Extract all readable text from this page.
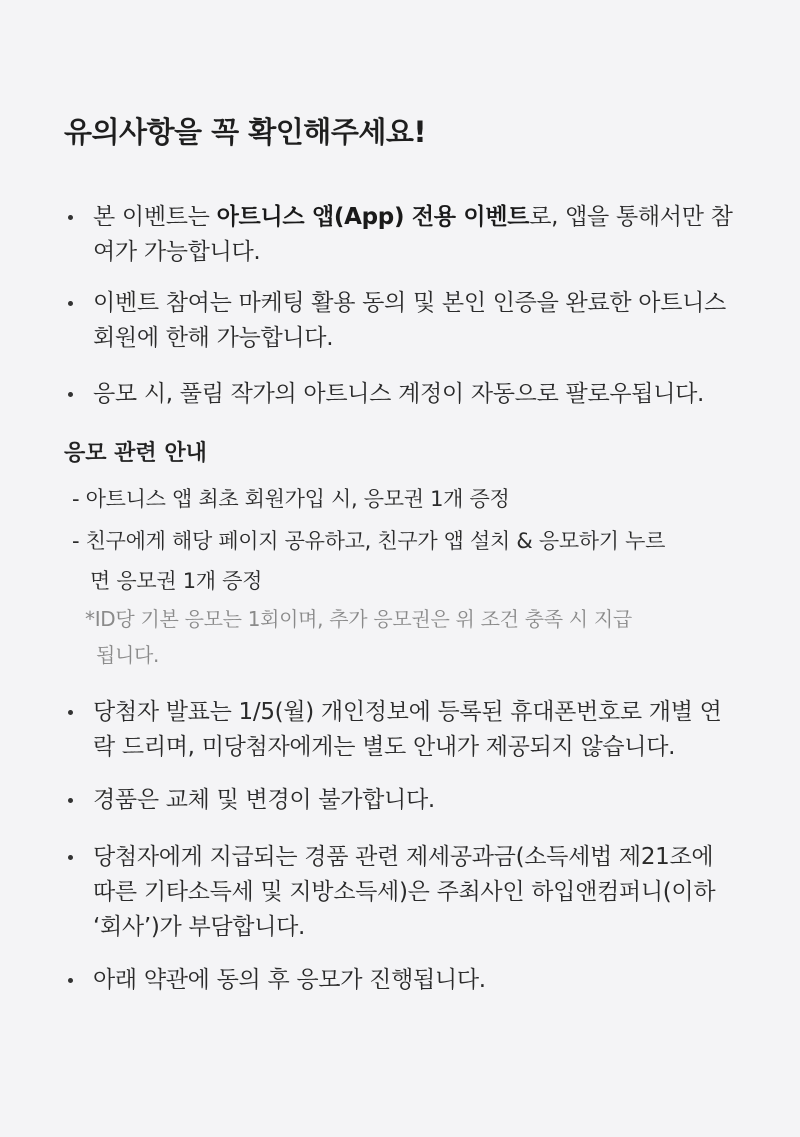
유의사항을 꼭 확인해주세요!
본 이벤트는 아트니스 앱(App) 전용 이벤트로, 앱을 통해서만 참
여가 가능합니다.
이벤트 참여는 마케팅 활용 동의 및 본인 인증을 완료한 아트니스
회원에 한해 가능합니다.
응모 시, 풀림 작가의 아트니스 계정이 자동으로 팔로우됩니다.
응모 관련 안내
- 아트니스 앱 최초 회원가입 시, 응모권 1개 증정
- 친구에게 해당 페이지 공유하고, 친구가 앱 설치 & 응모하기 누르
면 응모권 1개 증정
*ID당 기본 응모는 1회이며, 추가 응모권은 위 조건 충족 시 지급
됩니다.
당첨자 발표는 1/5(월) 개인정보에 등록된 휴대폰번호로 개별 연
락 드리며, 미당첨자에게는 별도 안내가 제공되지 않습니다.
경품은 교체 및 변경이 불가합니다.
당첨자에게 지급되는 경품 관련 제세공과금(소득세법 제21조에
따른 기타소득세 및 지방소득세)은 주최사인 하입앤컴퍼니(이하
‘회사’)가 부담합니다.
아래 약관에 동의 후 응모가 진행됩니다.
